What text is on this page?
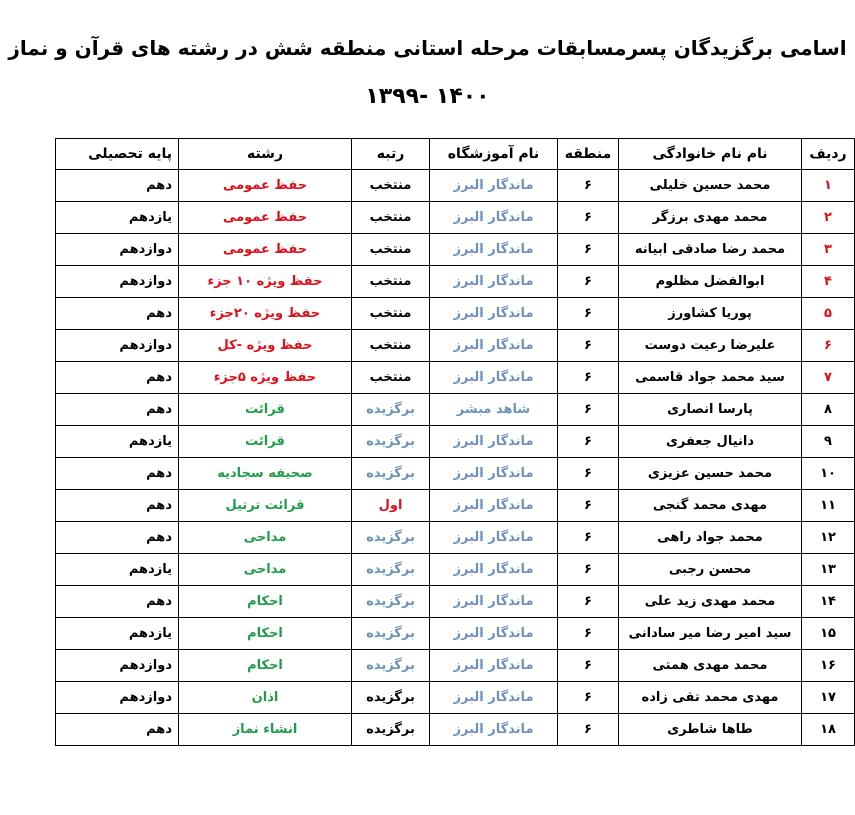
اسامی برگزیدگان پسرمسابقات مرحله استانی منطقه شش در رشته های قرآن و نماز
۱۴۰۰ -۱۳۹۹
ردیف	نام نام خانوادگی	منطقه	نام آموزشگاه	رتبه	رشته	پایه تحصیلی
۱	محمد حسین خلیلی	۶	ماندگار البرز	منتخب	حفظ عمومی	دهم
۲	محمد مهدی برزگر	۶	ماندگار البرز	منتخب	حفظ عمومی	یازدهم
۳	محمد رضا صادقی ابیانه	۶	ماندگار البرز	منتخب	حفظ عمومی	دوازدهم
۴	ابوالفضل مظلوم	۶	ماندگار البرز	منتخب	حفظ ویژه ۱۰ جزء	دوازدهم
۵	پوریا کشاورز	۶	ماندگار البرز	منتخب	حفظ ویژه ۲۰جزء	دهم
۶	علیرضا رعیت دوست	۶	ماندگار البرز	منتخب	حفظ ویژه -کل	دوازدهم
۷	سید محمد جواد قاسمی	۶	ماندگار البرز	منتخب	حفظ ویژه ۵جزء	دهم
۸	پارسا انصاری	۶	شاهد مبشر	برگزیده	قرائت	دهم
۹	دانیال جعفری	۶	ماندگار البرز	برگزیده	قرائت	یازدهم
۱۰	محمد حسین عزیزی	۶	ماندگار البرز	برگزیده	صحیفه سجادیه	دهم
۱۱	مهدی محمد گنجی	۶	ماندگار البرز	اول	قرائت ترتیل	دهم
۱۲	محمد جواد راهی	۶	ماندگار البرز	برگزیده	مداحی	دهم
۱۳	محسن رجبی	۶	ماندگار البرز	برگزیده	مداحی	یازدهم
۱۴	محمد مهدی زید علی	۶	ماندگار البرز	برگزیده	احکام	دهم
۱۵	سید امیر رضا میر سادانی	۶	ماندگار البرز	برگزیده	احکام	یازدهم
۱۶	محمد مهدی همتی	۶	ماندگار البرز	برگزیده	احکام	دوازدهم
۱۷	مهدی محمد تقی زاده	۶	ماندگار البرز	برگزیده	اذان	دوازدهم
۱۸	طاها شاطری	۶	ماندگار البرز	برگزیده	انشاء نماز	دهم
